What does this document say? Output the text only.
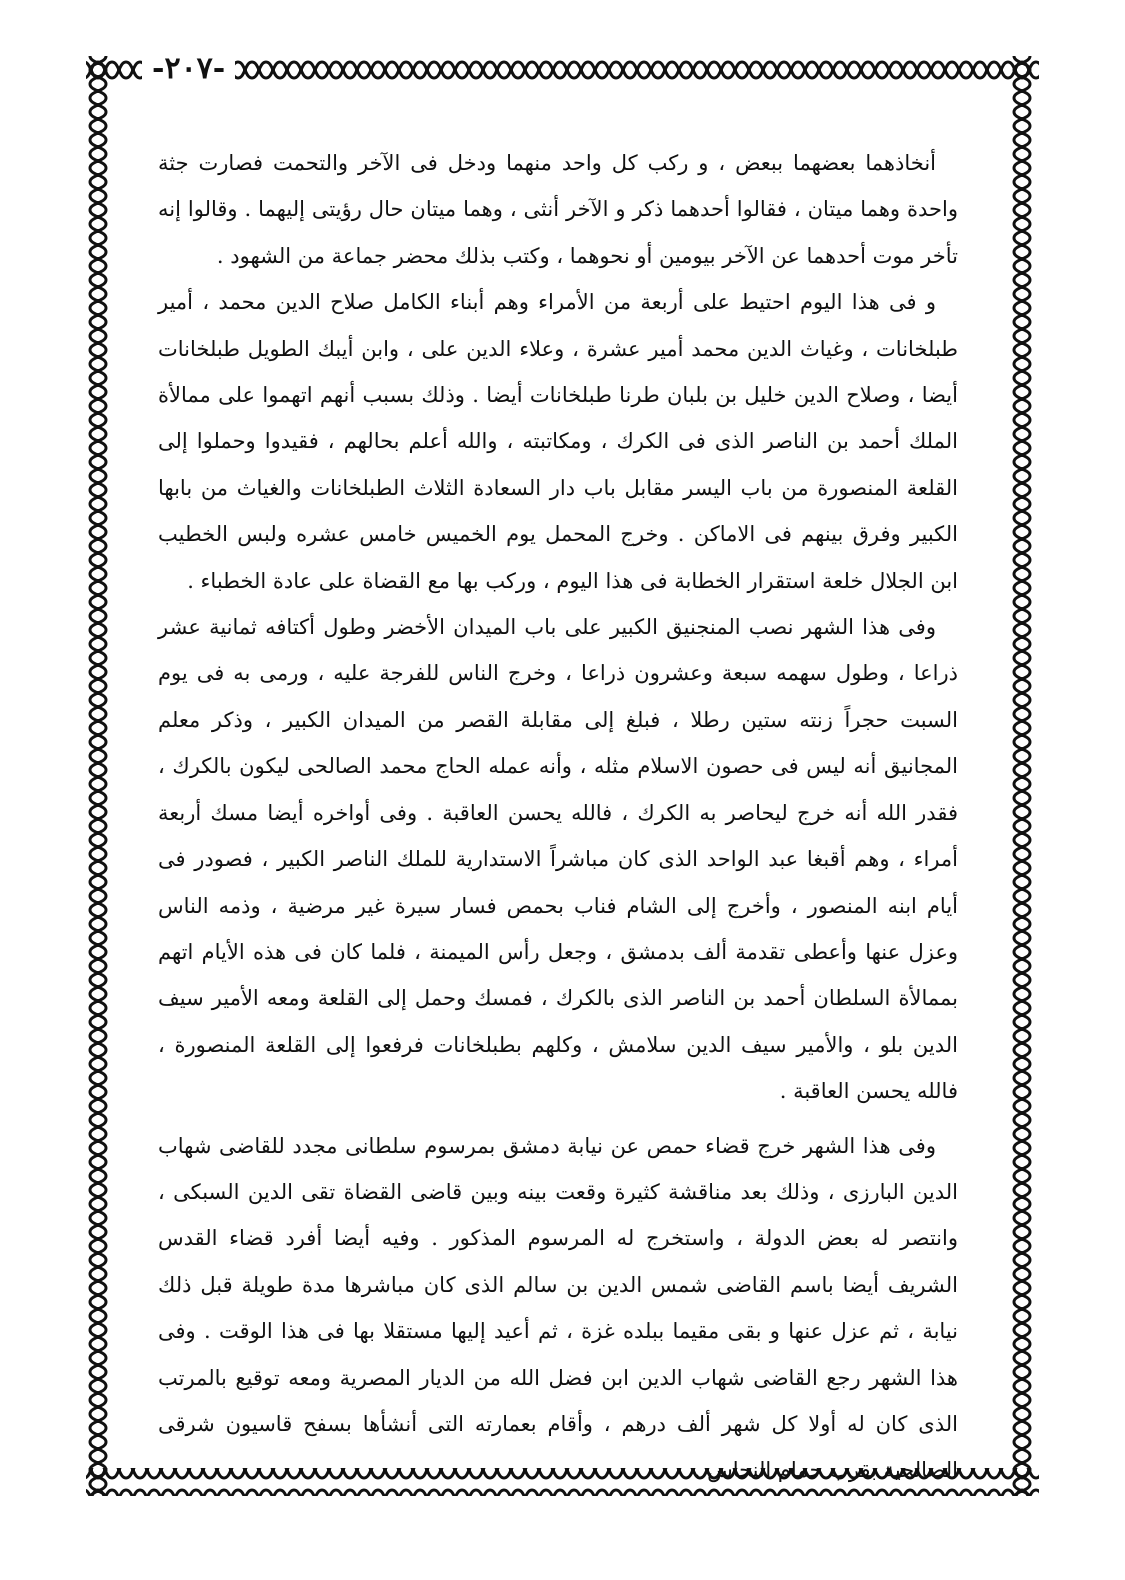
-٢٠٧-

أنخاذهما بعضهما ببعض ، و ركب كل واحد منهما ودخل فى الآخر والتحمت فصارت جثة واحدة وهما ميتان ، فقالوا أحدهما ذكر و الآخر أنثى ، وهما ميتان حال رؤيتى إليهما . وقالوا إنه تأخر موت أحدهما عن الآخر بيومين أو نحوهما ، وكتب بذلك محضر جماعة من الشهود .

و فى هذا اليوم احتيط على أربعة من الأمراء وهم أبناء الكامل صلاح الدين محمد ، أمير طبلخانات ، وغياث الدين محمد أمير عشرة ، وعلاء الدين على ، وابن أيبك الطويل طبلخانات أيضا ، وصلاح الدين خليل بن بلبان طرنا طبلخانات أيضا . وذلك بسبب أنهم اتهموا على ممالأة الملك أحمد بن الناصر الذى فى الكرك ، ومكاتبته ، والله أعلم بحالهم ، فقيدوا وحملوا إلى القلعة المنصورة من باب اليسر مقابل باب دار السعادة الثلاث الطبلخانات والغياث من بابها الكبير وفرق بينهم فى الاماكن . وخرج المحمل يوم الخميس خامس عشره ولبس الخطيب ابن الجلال خلعة استقرار الخطابة فى هذا اليوم ، وركب بها مع القضاة على عادة الخطباء .

وفى هذا الشهر نصب المنجنيق الكبير على باب الميدان الأخضر وطول أكتافه ثمانية عشر ذراعا ، وطول سهمه سبعة وعشرون ذراعا ، وخرج الناس للفرجة عليه ، ورمى به فى يوم السبت حجراً زنته ستين رطلا ، فبلغ إلى مقابلة القصر من الميدان الكبير ، وذكر معلم المجانيق أنه ليس فى حصون الاسلام مثله ، وأنه عمله الحاج محمد الصالحى ليكون بالكرك ، فقدر الله أنه خرج ليحاصر به الكرك ، فالله يحسن العاقبة . وفى أواخره أيضا مسك أربعة أمراء ، وهم أقبغا عبد الواحد الذى كان مباشراً الاستدارية للملك الناصر الكبير ، فصودر فى أيام ابنه المنصور ، وأخرج إلى الشام فناب بحمص فسار سيرة غير مرضية ، وذمه الناس وعزل عنها وأعطى تقدمة ألف بدمشق ، وجعل رأس الميمنة ، فلما كان فى هذه الأيام اتهم بممالأة السلطان أحمد بن الناصر الذى بالكرك ، فمسك وحمل إلى القلعة ومعه الأمير سيف الدين بلو ، والأمير سيف الدين سلامش ، وكلهم بطبلخانات فرفعوا إلى القلعة المنصورة ، فالله يحسن العاقبة .

وفى هذا الشهر خرج قضاء حمص عن نيابة دمشق بمرسوم سلطانى مجدد للقاضى شهاب الدين البارزى ، وذلك بعد مناقشة كثيرة وقعت بينه وبين قاضى القضاة تقى الدين السبكى ، وانتصر له بعض الدولة ، واستخرج له المرسوم المذكور . وفيه أيضا أفرد قضاء القدس الشريف أيضا باسم القاضى شمس الدين بن سالم الذى كان مباشرها مدة طويلة قبل ذلك نيابة ، ثم عزل عنها و بقى مقيما ببلده غزة ، ثم أعيد إليها مستقلا بها فى هذا الوقت . وفى هذا الشهر رجع القاضى شهاب الدين ابن فضل الله من الديار المصرية ومعه توقيع بالمرتب الذى كان له أولا كل شهر ألف درهم ، وأقام بعمارته التى أنشأها بسفح قاسيون شرقى الصالحية بقرب حمام النحاس .
